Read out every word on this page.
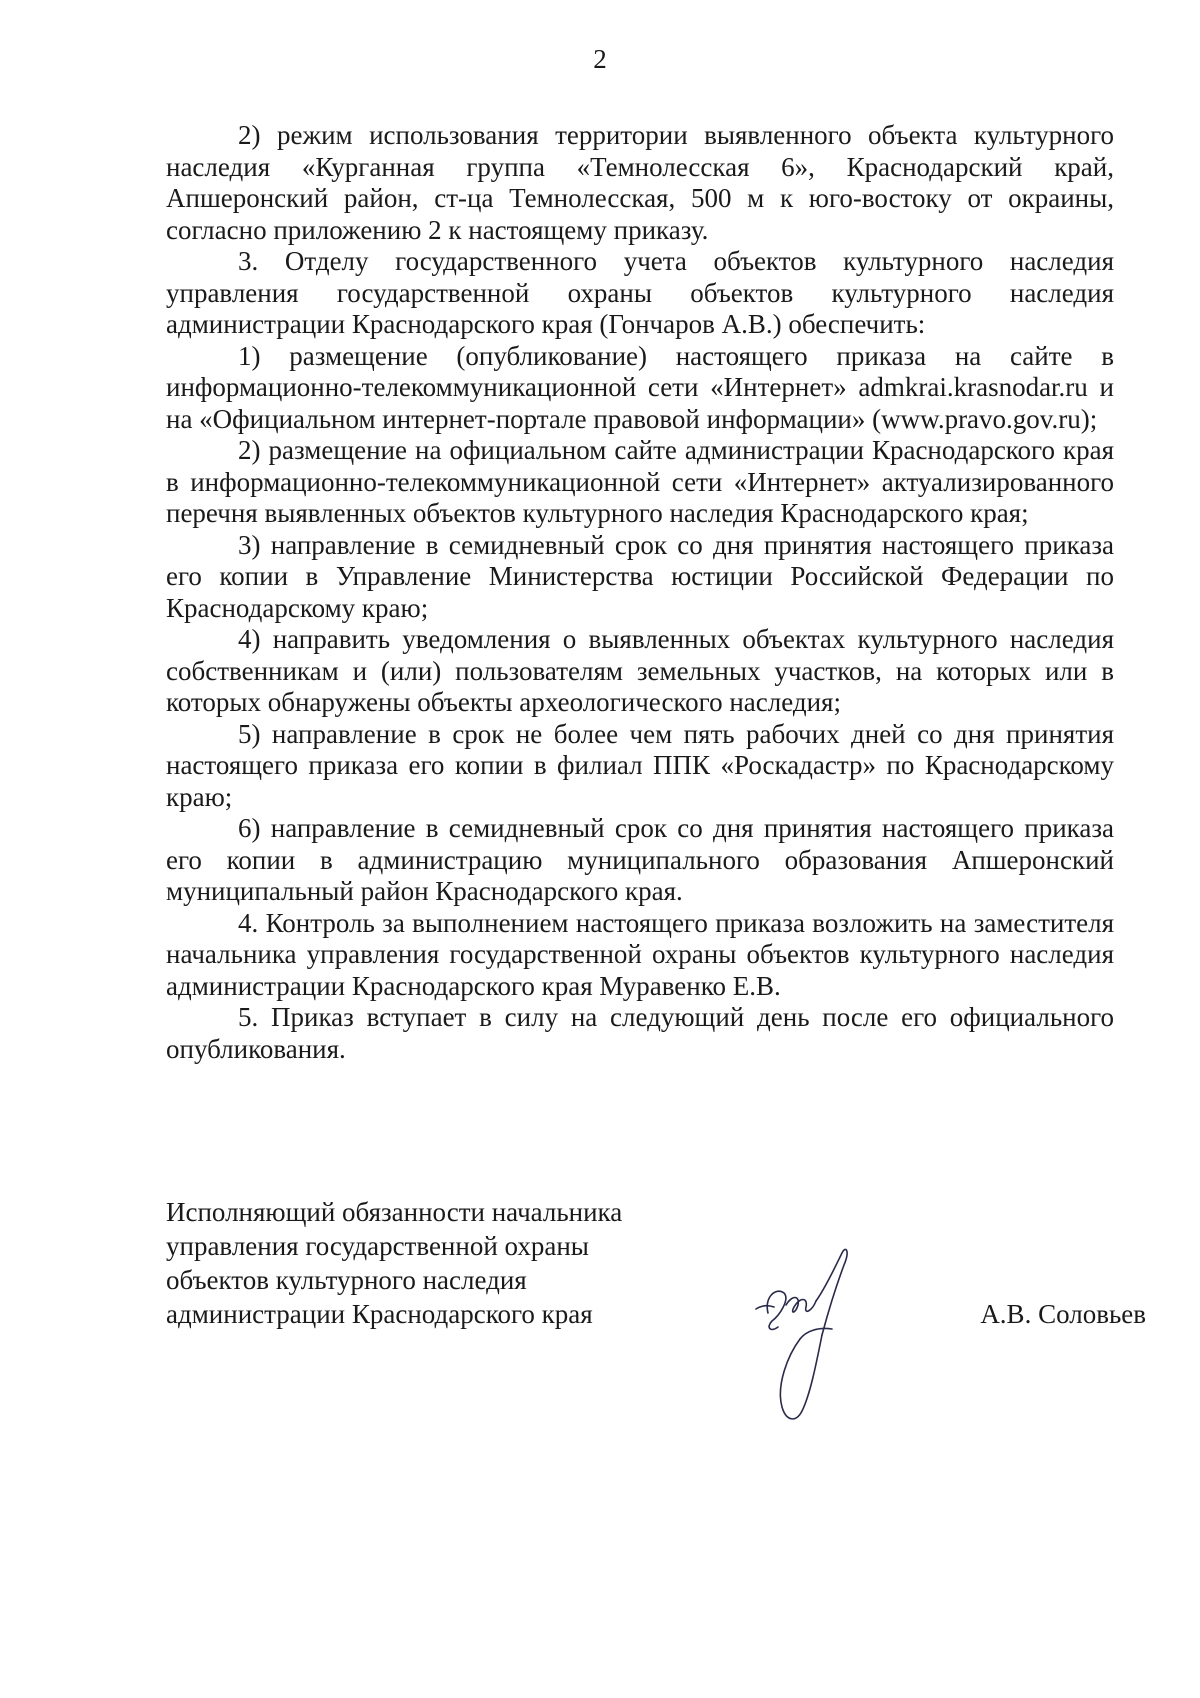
2

2) режим использования территории выявленного объекта культурного наследия «Курганная группа «Темнолесская 6», Краснодарский край, Апшеронский район, ст-ца Темнолесская, 500 м к юго-востоку от окраины, согласно приложению 2 к настоящему приказу.

3. Отделу государственного учета объектов культурного наследия управления государственной охраны объектов культурного наследия администрации Краснодарского края (Гончаров А.В.) обеспечить:

1) размещение (опубликование) настоящего приказа на сайте в информационно-телекоммуникационной сети «Интернет» admkrai.krasnodar.ru и на «Официальном интернет-портале правовой информации» (www.pravo.gov.ru);

2) размещение на официальном сайте администрации Краснодарского края в информационно-телекоммуникационной сети «Интернет» актуализированного перечня выявленных объектов культурного наследия Краснодарского края;

3) направление в семидневный срок со дня принятия настоящего приказа его копии в Управление Министерства юстиции Российской Федерации по Краснодарскому краю;

4) направить уведомления о выявленных объектах культурного наследия собственникам и (или) пользователям земельных участков, на которых или в которых обнаружены объекты археологического наследия;

5) направление в срок не более чем пять рабочих дней со дня принятия настоящего приказа его копии в филиал ППК «Роскадастр» по Краснодарскому краю;

6) направление в семидневный срок со дня принятия настоящего приказа его копии в администрацию муниципального образования Апшеронский муниципальный район Краснодарского края.

4. Контроль за выполнением настоящего приказа возложить на заместителя начальника управления государственной охраны объектов культурного наследия администрации Краснодарского края Муравенко Е.В.

5. Приказ вступает в силу на следующий день после его официального опубликования.

Исполняющий обязанности начальника
управления государственной охраны
объектов культурного наследия
администрации Краснодарского края	А.В. Соловьев
